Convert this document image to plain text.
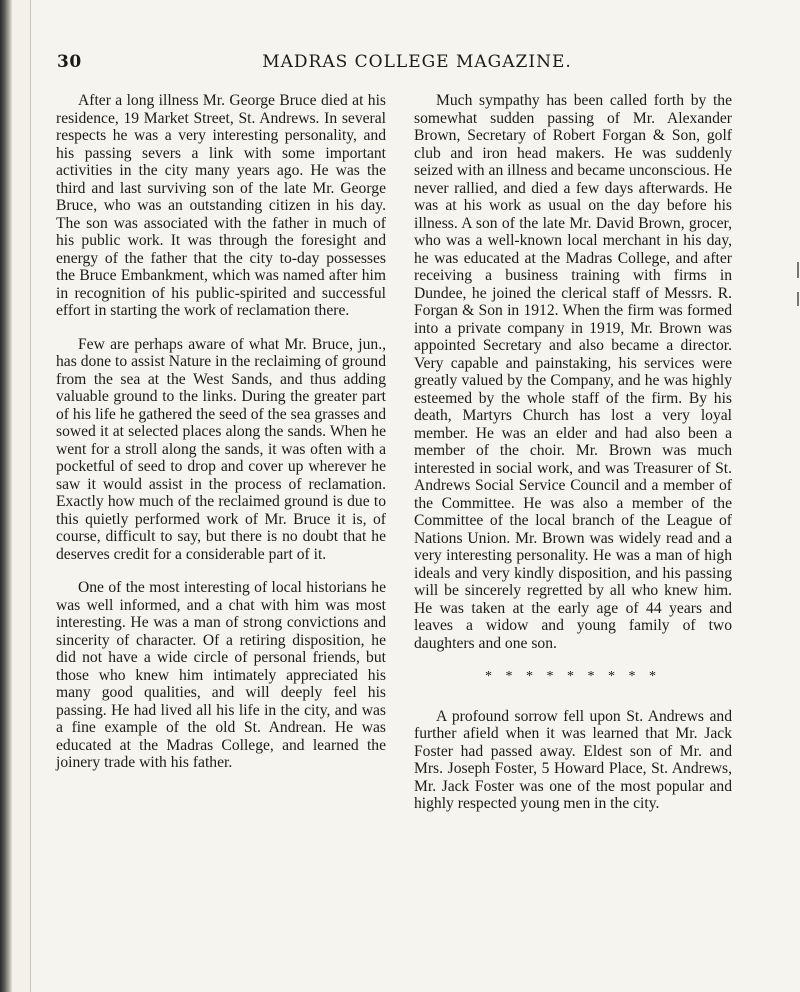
30	MADRAS COLLEGE MAGAZINE.

After a long illness Mr. George Bruce died at his residence, 19 Market Street, St. Andrews. In several respects he was a very interesting personality, and his passing severs a link with some important activities in the city many years ago. He was the third and last surviving son of the late Mr. George Bruce, who was an outstanding citizen in his day. The son was associated with the father in much of his public work. It was through the foresight and energy of the father that the city to-day possesses the Bruce Embankment, which was named after him in recognition of his public-spirited and successful effort in starting the work of reclamation there.

Few are perhaps aware of what Mr. Bruce, jun., has done to assist Nature in the reclaiming of ground from the sea at the West Sands, and thus adding valuable ground to the links. During the greater part of his life he gathered the seed of the sea grasses and sowed it at selected places along the sands. When he went for a stroll along the sands, it was often with a pocketful of seed to drop and cover up wherever he saw it would assist in the process of reclamation. Exactly how much of the reclaimed ground is due to this quietly performed work of Mr. Bruce it is, of course, difficult to say, but there is no doubt that he deserves credit for a considerable part of it.

One of the most interesting of local historians he was well informed, and a chat with him was most interesting. He was a man of strong convictions and sincerity of character. Of a retiring disposition, he did not have a wide circle of personal friends, but those who knew him intimately appreciated his many good qualities, and will deeply feel his passing. He had lived all his life in the city, and was a fine example of the old St. Andrean. He was educated at the Madras College, and learned the joinery trade with his father.

Much sympathy has been called forth by the somewhat sudden passing of Mr. Alexander Brown, Secretary of Robert Forgan & Son, golf club and iron head makers. He was suddenly seized with an illness and became unconscious. He never rallied, and died a few days afterwards. He was at his work as usual on the day before his illness. A son of the late Mr. David Brown, grocer, who was a well-known local merchant in his day, he was educated at the Madras College, and after receiving a business training with firms in Dundee, he joined the clerical staff of Messrs. R. Forgan & Son in 1912. When the firm was formed into a private company in 1919, Mr. Brown was appointed Secretary and also became a director. Very capable and painstaking, his services were greatly valued by the Company, and he was highly esteemed by the whole staff of the firm. By his death, Martyrs Church has lost a very loyal member. He was an elder and had also been a member of the choir. Mr. Brown was much interested in social work, and was Treasurer of St. Andrews Social Service Council and a member of the Committee. He was also a member of the Committee of the local branch of the League of Nations Union. Mr. Brown was widely read and a very interesting personality. He was a man of high ideals and very kindly disposition, and his passing will be sincerely regretted by all who knew him. He was taken at the early age of 44 years and leaves a widow and young family of two daughters and one son.

* * * * * * * * *

A profound sorrow fell upon St. Andrews and further afield when it was learned that Mr. Jack Foster had passed away. Eldest son of Mr. and Mrs. Joseph Foster, 5 Howard Place, St. Andrews, Mr. Jack Foster was one of the most popular and highly respected young men in the city.
